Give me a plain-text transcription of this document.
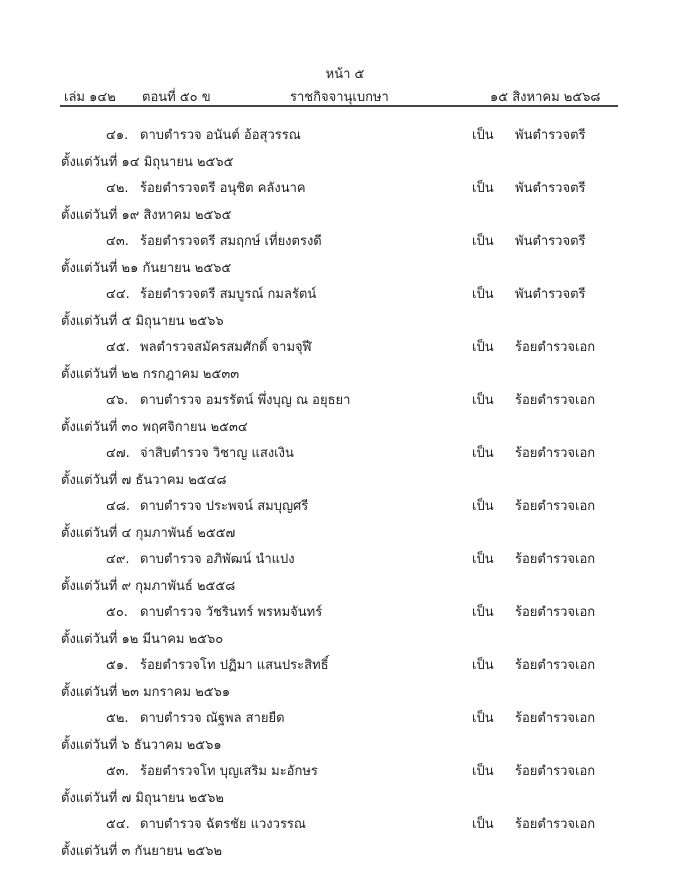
หน้า ๕
เล่ม ๑๔๒ ตอนที่ ๕๐ ข	ราชกิจจานุเบกษา	๑๕ สิงหาคม ๒๕๖๘
๔๑. ดาบตำรวจ อนันต์ อ้อสุวรรณ	เป็น พันตำรวจตรี
ตั้งแต่วันที่ ๑๔ มิถุนายน ๒๕๖๕
๔๒. ร้อยตำรวจตรี อนุชิต คลังนาค	เป็น พันตำรวจตรี
ตั้งแต่วันที่ ๑๙ สิงหาคม ๒๕๖๕
๔๓. ร้อยตำรวจตรี สมฤกษ์ เที่ยงตรงดี	เป็น พันตำรวจตรี
ตั้งแต่วันที่ ๒๑ กันยายน ๒๕๖๕
๔๔. ร้อยตำรวจตรี สมบูรณ์ กมลรัตน์	เป็น พันตำรวจตรี
ตั้งแต่วันที่ ๕ มิถุนายน ๒๕๖๖
๔๕. พลตำรวจสมัครสมศักดิ์ จามจุฬี	เป็น ร้อยตำรวจเอก
ตั้งแต่วันที่ ๒๒ กรกฎาคม ๒๕๓๓
๔๖. ดาบตำรวจ อมรรัตน์ พึ่งบุญ ณ อยุธยา	เป็น ร้อยตำรวจเอก
ตั้งแต่วันที่ ๓๐ พฤศจิกายน ๒๕๓๔
๔๗. จ่าสิบตำรวจ วิชาญ แสงเงิน	เป็น ร้อยตำรวจเอก
ตั้งแต่วันที่ ๗ ธันวาคม ๒๕๔๘
๔๘. ดาบตำรวจ ประพจน์ สมบุญศรี	เป็น ร้อยตำรวจเอก
ตั้งแต่วันที่ ๔ กุมภาพันธ์ ๒๕๕๗
๔๙. ดาบตำรวจ อภิพัฒน์ นำแปง	เป็น ร้อยตำรวจเอก
ตั้งแต่วันที่ ๙ กุมภาพันธ์ ๒๕๕๘
๕๐. ดาบตำรวจ วัชรินทร์ พรหมจันทร์	เป็น ร้อยตำรวจเอก
ตั้งแต่วันที่ ๑๒ มีนาคม ๒๕๖๐
๕๑. ร้อยตำรวจโท ปฏิมา แสนประสิทธิ์	เป็น ร้อยตำรวจเอก
ตั้งแต่วันที่ ๒๓ มกราคม ๒๕๖๑
๕๒. ดาบตำรวจ ณัฐพล สายยืด	เป็น ร้อยตำรวจเอก
ตั้งแต่วันที่ ๖ ธันวาคม ๒๕๖๑
๕๓. ร้อยตำรวจโท บุญเสริม มะอักษร	เป็น ร้อยตำรวจเอก
ตั้งแต่วันที่ ๗ มิถุนายน ๒๕๖๒
๕๔. ดาบตำรวจ ฉัตรชัย แวงวรรณ	เป็น ร้อยตำรวจเอก
ตั้งแต่วันที่ ๓ กันยายน ๒๕๖๒
